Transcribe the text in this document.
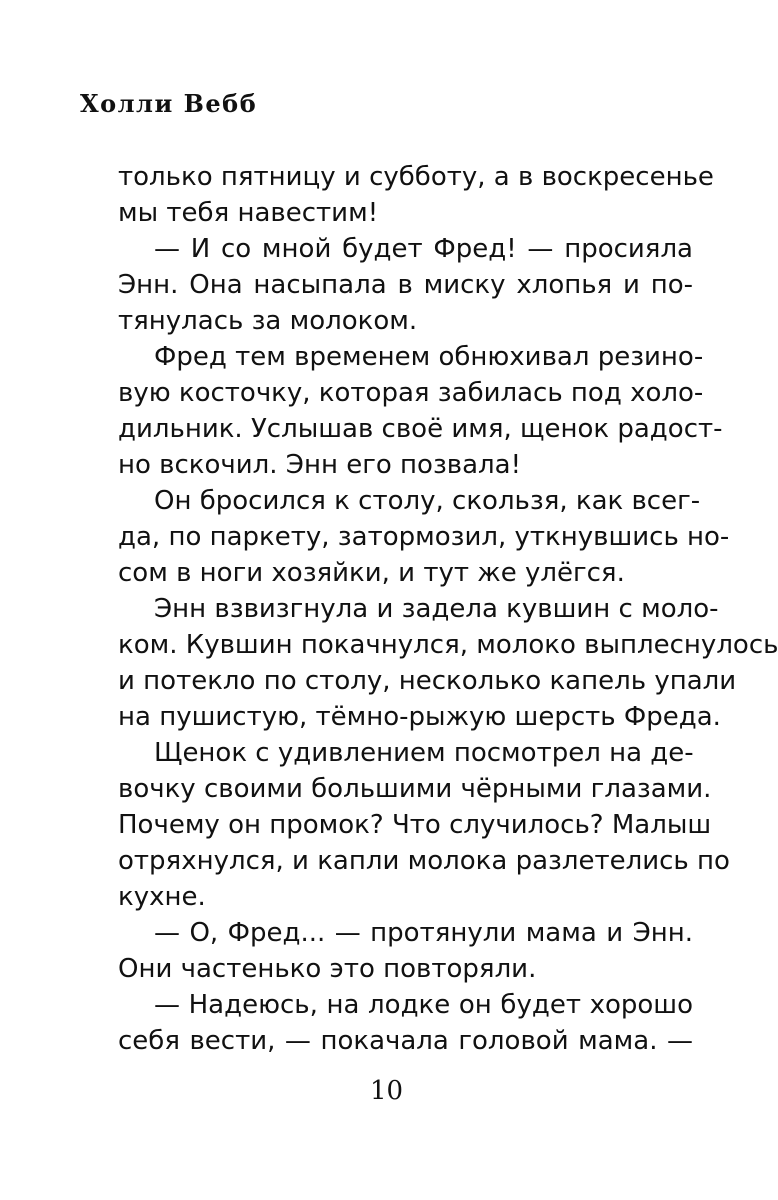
Холли Вебб
только пятницу и субботу, а в воскресенье
мы тебя навестим!
— И со мной будет Фред! — просияла
Энн. Она насыпала в миску хлопья и по-
тянулась за молоком.
Фред тем временем обнюхивал резино-
вую косточку, которая забилась под холо-
дильник. Услышав своё имя, щенок радост-
но вскочил. Энн его позвала!
Он бросился к столу, скользя, как всег-
да, по паркету, затормозил, уткнувшись но-
сом в ноги хозяйки, и тут же улёгся.
Энн взвизгнула и задела кувшин с моло-
ком. Кувшин покачнулся, молоко выплеснулось
и потекло по столу, несколько капель упали
на пушистую, тёмно-рыжую шерсть Фреда.
Щенок с удивлением посмотрел на де-
вочку своими большими чёрными глазами.
Почему он промок? Что случилось? Малыш
отряхнулся, и капли молока разлетелись по
кухне.
— О, Фред... — протянули мама и Энн.
Они частенько это повторяли.
— Надеюсь, на лодке он будет хорошо
себя вести, — покачала головой мама. —
10
